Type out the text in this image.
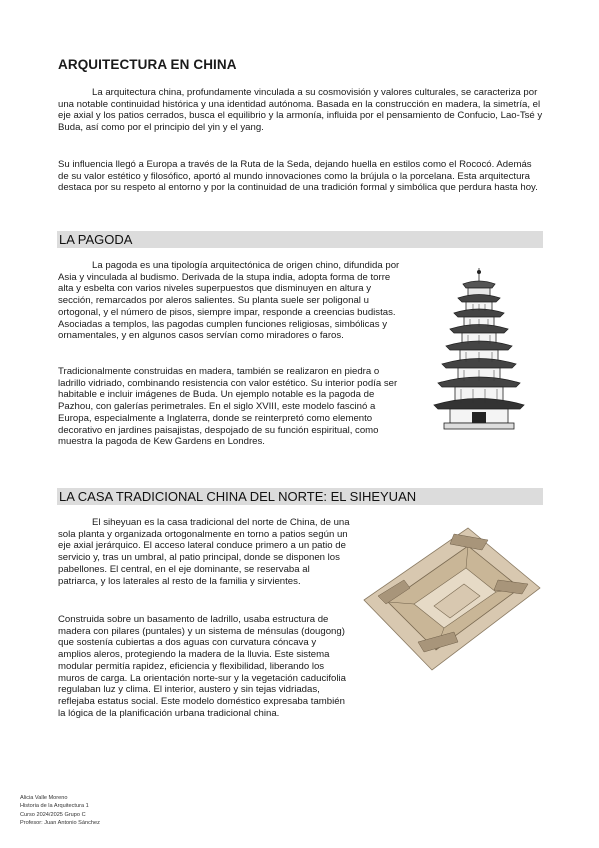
ARQUITECTURA EN CHINA

La arquitectura china, profundamente vinculada a su cosmovisión y valores culturales, se caracteriza por una notable continuidad histórica y una identidad autónoma. Basada en la construcción en madera, la simetría, el eje axial y los patios cerrados, busca el equilibrio y la armonía, influida por el pensamiento de Confucio, Lao-Tsé y Buda, así como por el principio del yin y el yang.

Su influencia llegó a Europa a través de la Ruta de la Seda, dejando huella en estilos como el Rococó. Además de su valor estético y filosófico, aportó al mundo innovaciones como la brújula o la porcelana. Esta arquitectura destaca por su respeto al entorno y por la continuidad de una tradición formal y simbólica que perdura hasta hoy.

LA PAGODA

La pagoda es una tipología arquitectónica de origen chino, difundida por Asia y vinculada al budismo. Derivada de la stupa india, adopta forma de torre alta y esbelta con varios niveles superpuestos que disminuyen en altura y sección, remarcados por aleros salientes. Su planta suele ser poligonal u ortogonal, y el número de pisos, siempre impar, responde a creencias budistas. Asociadas a templos, las pagodas cumplen funciones religiosas, simbólicas y ornamentales, y en algunos casos servían como miradores o faros.

Tradicionalmente construidas en madera, también se realizaron en piedra o ladrillo vidriado, combinando resistencia con valor estético. Su interior podía ser habitable e incluir imágenes de Buda. Un ejemplo notable es la pagoda de Pazhou, con galerías perimetrales. En el siglo XVIII, este modelo fascinó a Europa, especialmente a Inglaterra, donde se reinterpretó como elemento decorativo en jardines paisajistas, despojado de su función espiritual, como muestra la pagoda de Kew Gardens en Londres.

LA CASA TRADICIONAL CHINA DEL NORTE: EL SIHEYUAN

El siheyuan es la casa tradicional del norte de China, de una sola planta y organizada ortogonalmente en torno a patios según un eje axial jerárquico. El acceso lateral conduce primero a un patio de servicio y, tras un umbral, al patio principal, donde se disponen los pabellones. El central, en el eje dominante, se reservaba al patriarca, y los laterales al resto de la familia y sirvientes.

Construida sobre un basamento de ladrillo, usaba estructura de madera con pilares (puntales) y un sistema de ménsulas (dougong) que sostenía cubiertas a dos aguas con curvatura cóncava y amplios aleros, protegiendo la madera de la lluvia. Este sistema modular permitía rapidez, eficiencia y flexibilidad, liberando los muros de carga. La orientación norte-sur y la vegetación caducifolia regulaban luz y clima. El interior, austero y sin tejas vidriadas, reflejaba estatus social. Este modelo doméstico expresaba también la lógica de la planificación urbana tradicional china.

Alicia Valle Moreno
Historia de la Arquitectura 1
Curso 2024/2025 Grupo C
Profesor: Juan Antonio Sánchez
